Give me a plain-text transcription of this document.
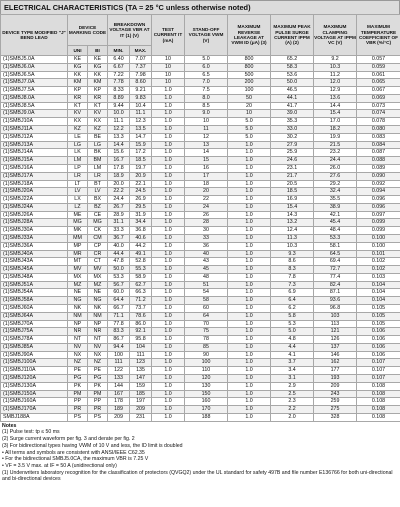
ELECTRICAL CHARACTERISTICS (TA = 25 °C unless otherwise noted)
DEVICE TYPE MODIFIED "J" BEND LEAD	DEVICE MARKING CODE		BREAKDOWN VOLTAGE VBR AT IT (1) (V)		TEST CURRENT IT (mA)	STAND-OFF VOLTAGE VWM (V)	MAXIMUM REVERSE LEAKAGE AT VWM ID (μA) (3)	MAXIMUM PEAK PULSE SURGE CURRENT IPPM (A) (2)	MAXIMUM CLAMPING VOLTAGE AT IPPM VC (V)	MAXIMUM TEMPERATURE COEFFICIENT OF VBR (%/°C)
	UNI	BI	MIN.	MAX.						
(1)SMBJ5.0A	KE	KE	6.40	7.07	10	5.0	800	65.2	9.2	0.057
(1)SMBJ6.0A	KG	KG	6.67	7.37	10	6.0	800	58.3	10.3	0.059
(1)SMBJ6.5A	KK	KK	7.22	7.98	10	6.5	500	53.6	11.2	0.061
(1)SMBJ7.0A	KM	KM	7.78	8.60	10	7.0	200	50.0	12.0	0.065
(1)SMBJ7.5A	KP	KP	8.33	9.21	1.0	7.5	100	46.5	12.9	0.067
(1)SMBJ8.0A	KR	KR	8.89	9.83	1.0	8.0	50	44.1	13.6	0.069
(1)SMBJ8.5A	KT	KT	9.44	10.4	1.0	8.5	20	41.7	14.4	0.073
(1)SMBJ9.0A	KV	KV	10.0	11.1	1.0	9.0	10	39.0	15.4	0.074
(1)SMBJ10A	KX	KX	11.1	12.3	1.0	10	5.0	35.3	17.0	0.078
(1)SMBJ11A	KZ	KZ	12.2	13.5	1.0	11	5.0	33.0	18.2	0.080
(1)SMBJ12A	LE	BE	13.3	14.7	1.0	12	5.0	30.2	19.9	0.083
(1)SMBJ13A	LG	LG	14.4	15.9	1.0	13	1.0	27.9	21.5	0.084
(1)SMBJ14A	LK	BK	15.6	17.2	1.0	14	1.0	25.9	23.2	0.087
(1)SMBJ15A	LM	BM	16.7	18.5	1.0	15	1.0	24.6	24.4	0.088
(1)SMBJ16A	LP	LM	17.8	19.7	1.0	16	1.0	23.1	26.0	0.089
(1)SMBJ17A	LR	LR	18.9	20.9	1.0	17	1.0	21.7	27.6	0.090
(1)SMBJ18A	LT	BT	20.0	22.1	1.0	18	1.0	20.5	29.2	0.092
(1)SMBJ20A	LV	LV	22.2	24.5	1.0	20	1.0	18.5	32.4	0.094
(1)SMBJ22A	LX	BX	24.4	26.9	1.0	22	1.0	16.9	35.5	0.096
(1)SMBJ24A	LZ	BZ	26.7	29.5	1.0	24	1.0	15.4	38.9	0.096
(1)SMBJ26A	ME	CE	28.9	31.9	1.0	26	1.0	14.3	42.1	0.097
(1)SMBJ28A	MG	MG	31.1	34.4	1.0	28	1.0	13.2	45.4	0.099
(1)SMBJ30A	MK	CK	33.3	36.8	1.0	30	1.0	12.4	48.4	0.099
(1)SMBJ33A	MM	CM	36.7	40.6	1.0	33	1.0	11.3	53.3	0.100
(1)SMBJ36A	MP	CP	40.0	44.2	1.0	36	1.0	10.3	58.1	0.100
(1)SMBJ40A	MR	CR	44.4	49.1	1.0	40	1.0	9.3	64.5	0.101
(1)SMBJ43A	MT	CT	47.8	52.8	1.0	43	1.0	8.6	69.4	0.102
(1)SMBJ45A	MV	MV	50.0	55.3	1.0	45	1.0	8.3	72.7	0.102
(1)SMBJ48A	MX	MX	53.3	58.9	1.0	48	1.0	7.8	77.4	0.103
(1)SMBJ51A	MZ	MZ	56.7	62.7	1.0	51	1.0	7.3	82.4	0.104
(1)SMBJ54A	NE	NE	60.0	66.3	1.0	54	1.0	6.9	87.1	0.104
(1)SMBJ58A	NG	NG	64.4	71.2	1.0	58	1.0	6.4	93.6	0.104
(1)SMBJ60A	NK	NK	66.7	73.7	1.0	60	1.0	6.2	96.8	0.105
(1)SMBJ64A	NM	NM	71.1	78.6	1.0	64	1.0	5.8	103	0.105
(1)SMBJ70A	NP	NP	77.8	86.0	1.0	70	1.0	5.3	113	0.105
(1)SMBJ75A	NR	NR	83.3	92.1	1.0	75	1.0	5.0	121	0.106
(1)SMBJ78A	NT	NT	86.7	95.8	1.0	78	1.0	4.8	126	0.106
(1)SMBJ85A	NV	NV	94.4	104	1.0	85	1.0	4.4	137	0.106
(1)SMBJ90A	NX	NX	100	111	1.0	90	1.0	4.1	146	0.106
(1)SMBJ100A	NZ	NZ	111	123	1.0	100	1.0	3.7	162	0.107
(1)SMBJ110A	PE	PE	122	135	1.0	110	1.0	3.4	177	0.107
(1)SMBJ120A	PG	PG	133	147	1.0	120	1.0	3.1	193	0.107
(1)SMBJ130A	PK	PK	144	159	1.0	130	1.0	2.9	209	0.108
(1)SMBJ150A	PM	PM	167	185	1.0	150	1.0	2.5	243	0.108
(1)SMBJ160A	PP	PP	178	197	1.0	160	1.0	2.3	259	0.108
(1)SMBJ170A	PR	PR	189	209	1.0	170	1.0	2.2	275	0.108
SMBJ188A	PS	PS	209	231	1.0	188	1.0	2.0	328	0.108
Notes
(1) Pulse test: tp ≤ 50 ms
(2) Surge current waveform per fig. 3 and derate per fig. 2
(3) For bidirectional types having VWM of 10 V and less, the ID limit is doubled
• All terms and symbols are consistent with ANSI/IEEE C62.35
• For the bidirectional SMBJ5.0CA, the maximum VBR is 7.25 V
• VF = 3.5 V max. at IF = 50 A (unidirectional only)
(1) Underwriters laboratory recognition for the classification of protectors (QVGQ2) under the UL standard for safety 497B and file number E136766 for both uni-directional and bi-directional devices
